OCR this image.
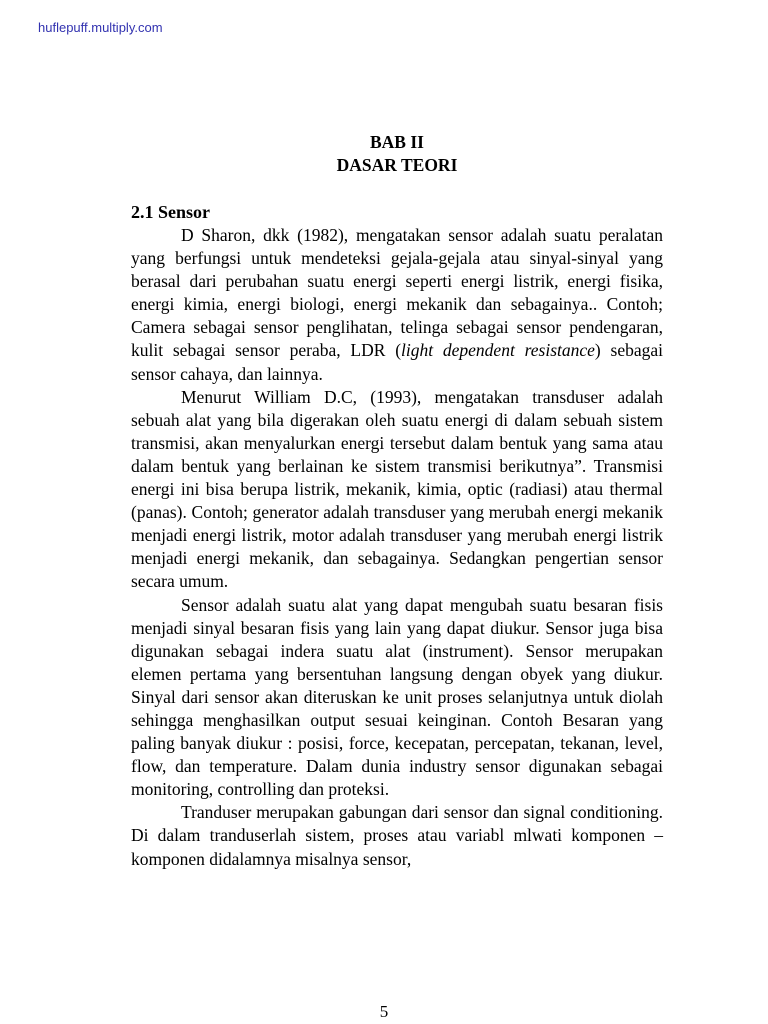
huflepuff.multiply.com
BAB II
DASAR TEORI
2.1 Sensor

D Sharon, dkk (1982), mengatakan sensor adalah suatu peralatan yang berfungsi untuk mendeteksi gejala-gejala atau sinyal-sinyal yang berasal dari perubahan suatu energi seperti energi listrik, energi fisika, energi kimia, energi biologi, energi mekanik dan sebagainya.. Contoh; Camera sebagai sensor penglihatan, telinga sebagai sensor pendengaran, kulit sebagai sensor peraba, LDR (light dependent resistance) sebagai sensor cahaya, dan lainnya.

Menurut William D.C, (1993), mengatakan transduser adalah sebuah alat yang bila digerakan oleh suatu energi di dalam sebuah sistem transmisi, akan menyalurkan energi tersebut dalam bentuk yang sama atau dalam bentuk yang berlainan ke sistem transmisi berikutnya”. Transmisi energi ini bisa berupa listrik, mekanik, kimia, optic (radiasi) atau thermal (panas). Contoh; generator adalah transduser yang merubah energi mekanik menjadi energi listrik, motor adalah transduser yang merubah energi listrik menjadi energi mekanik, dan sebagainya. Sedangkan pengertian sensor secara umum.

Sensor adalah suatu alat yang dapat mengubah suatu besaran fisis menjadi sinyal besaran fisis yang lain yang dapat diukur. Sensor juga bisa digunakan sebagai indera suatu alat (instrument). Sensor merupakan elemen pertama yang bersentuhan langsung dengan obyek yang diukur. Sinyal dari sensor akan diteruskan ke unit proses selanjutnya untuk diolah sehingga menghasilkan output sesuai keinginan. Contoh Besaran yang paling banyak diukur : posisi, force, kecepatan, percepatan, tekanan, level, flow, dan temperature. Dalam dunia industry sensor digunakan sebagai monitoring, controlling dan proteksi.

Tranduser merupakan gabungan dari sensor dan signal conditioning. Di dalam tranduserlah sistem, proses atau variabl mlwati komponen – komponen didalamnya misalnya sensor,

5
